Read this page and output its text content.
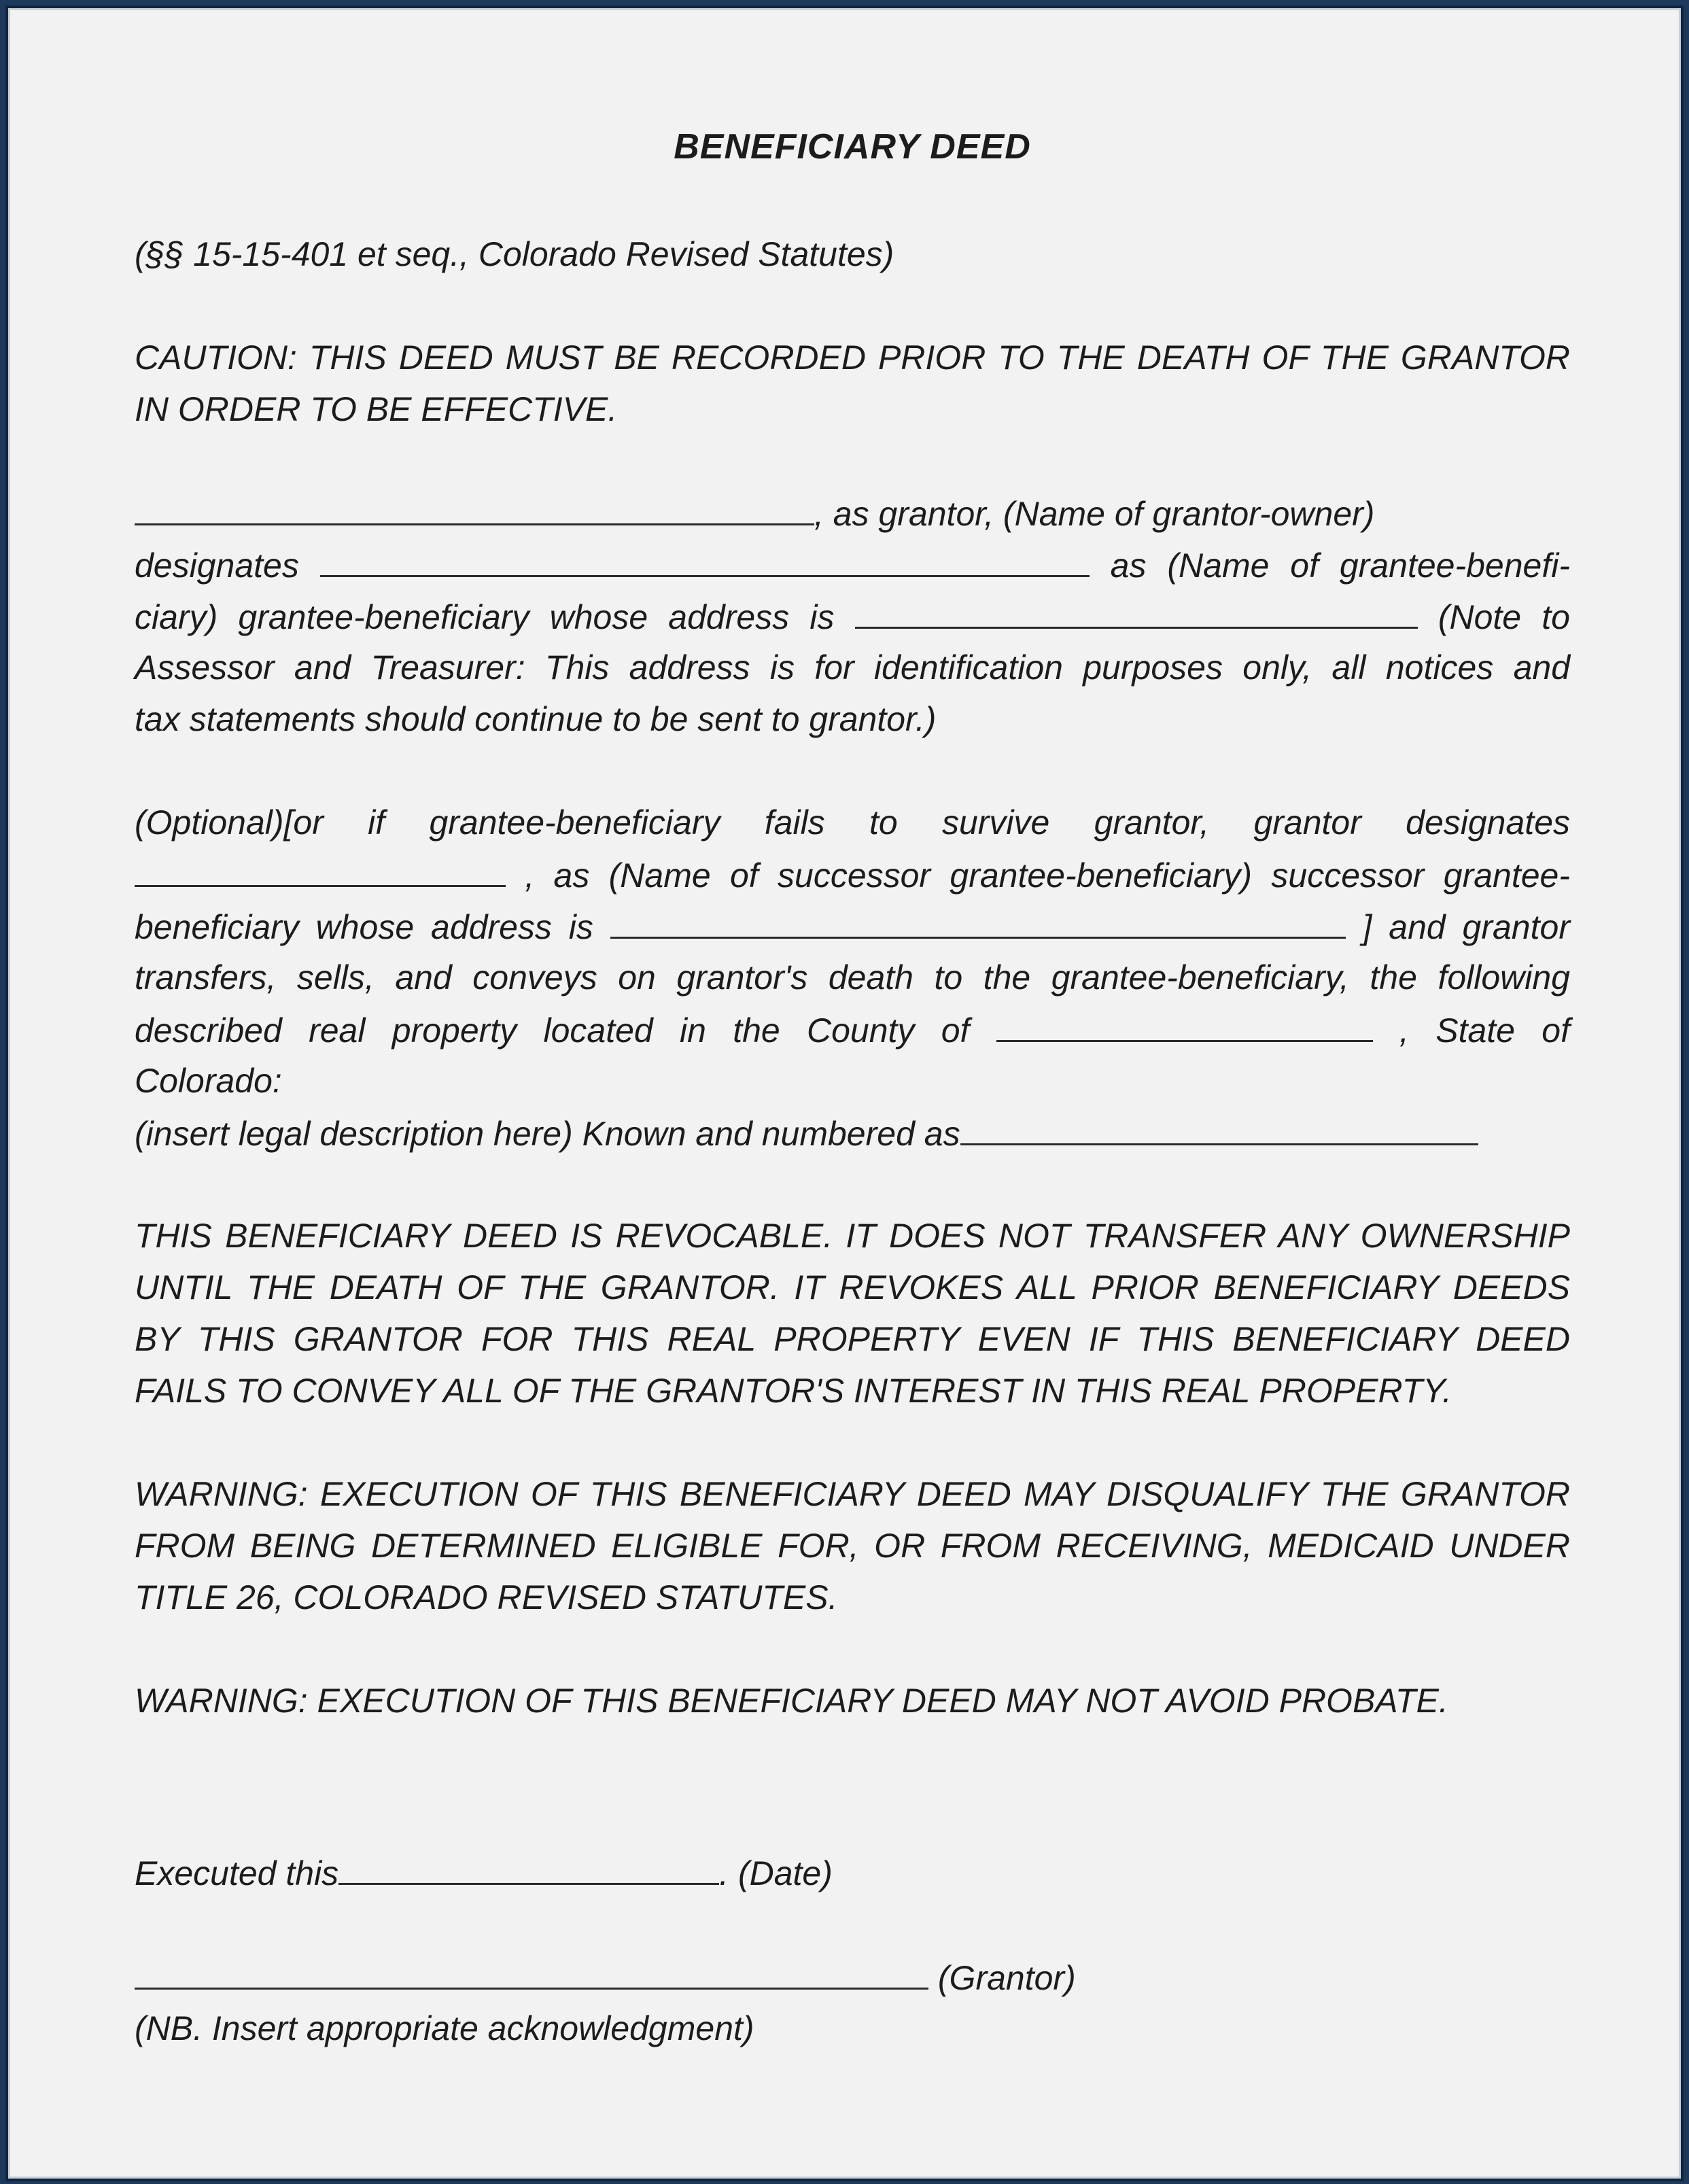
BENEFICIARY DEED
(§§ 15-15-401 et seq., Colorado Revised Statutes)
CAUTION: THIS DEED MUST BE RECORDED PRIOR TO THE DEATH OF THE GRANTOR
IN ORDER TO BE EFFECTIVE.
, as grantor, (Name of grantor-owner)
designates	as (Name of grantee-benefi-
ciary) grantee-beneficiary whose address is	(Note to
Assessor and Treasurer: This address is for identification purposes only, all notices and
tax statements should continue to be sent to grantor.)
(Optional)[or if grantee-beneficiary fails to survive grantor, grantor designates
, as (Name of successor grantee-beneficiary) successor grantee-
beneficiary whose address is	] and grantor
transfers, sells, and conveys on grantor's death to the grantee-beneficiary, the following
described real property located in the County of	, State of
Colorado:
(insert legal description here) Known and numbered as
THIS BENEFICIARY DEED IS REVOCABLE. IT DOES NOT TRANSFER ANY OWNERSHIP
UNTIL THE DEATH OF THE GRANTOR. IT REVOKES ALL PRIOR BENEFICIARY DEEDS
BY THIS GRANTOR FOR THIS REAL PROPERTY EVEN IF THIS BENEFICIARY DEED
FAILS TO CONVEY ALL OF THE GRANTOR'S INTEREST IN THIS REAL PROPERTY.
WARNING: EXECUTION OF THIS BENEFICIARY DEED MAY DISQUALIFY THE GRANTOR
FROM BEING DETERMINED ELIGIBLE FOR, OR FROM RECEIVING, MEDICAID UNDER
TITLE 26, COLORADO REVISED STATUTES.
WARNING: EXECUTION OF THIS BENEFICIARY DEED MAY NOT AVOID PROBATE.
Executed this	. (Date)
(Grantor)
(NB. Insert appropriate acknowledgment)
